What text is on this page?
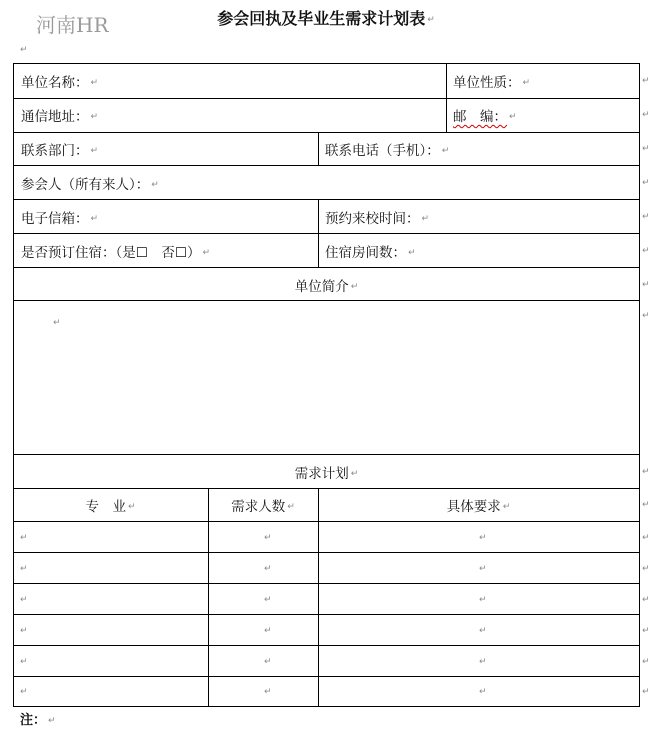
河南HR	参会回执及毕业生需求计划表 ↵
↵
单位名称： ↵	单位性质： ↵
通信地址： ↵	邮　编： ↵
联系部门： ↵	联系电话（手机）： ↵
参会人（所有来人）： ↵
电子信箱： ↵	预约来校时间： ↵
是否预订住宿：（是☐　否☐） ↵	住宿房间数： ↵
单位简介 ↵
↵
需求计划 ↵
专　业 ↵	需求人数 ↵	具体要求 ↵
↵	↵	↵
↵	↵	↵
↵	↵	↵
↵	↵	↵
↵	↵	↵
↵	↵	↵
↵
↵
↵
↵
↵
↵
↵
↵
↵
↵
↵
↵
↵
↵
↵
↵
注： ↵
